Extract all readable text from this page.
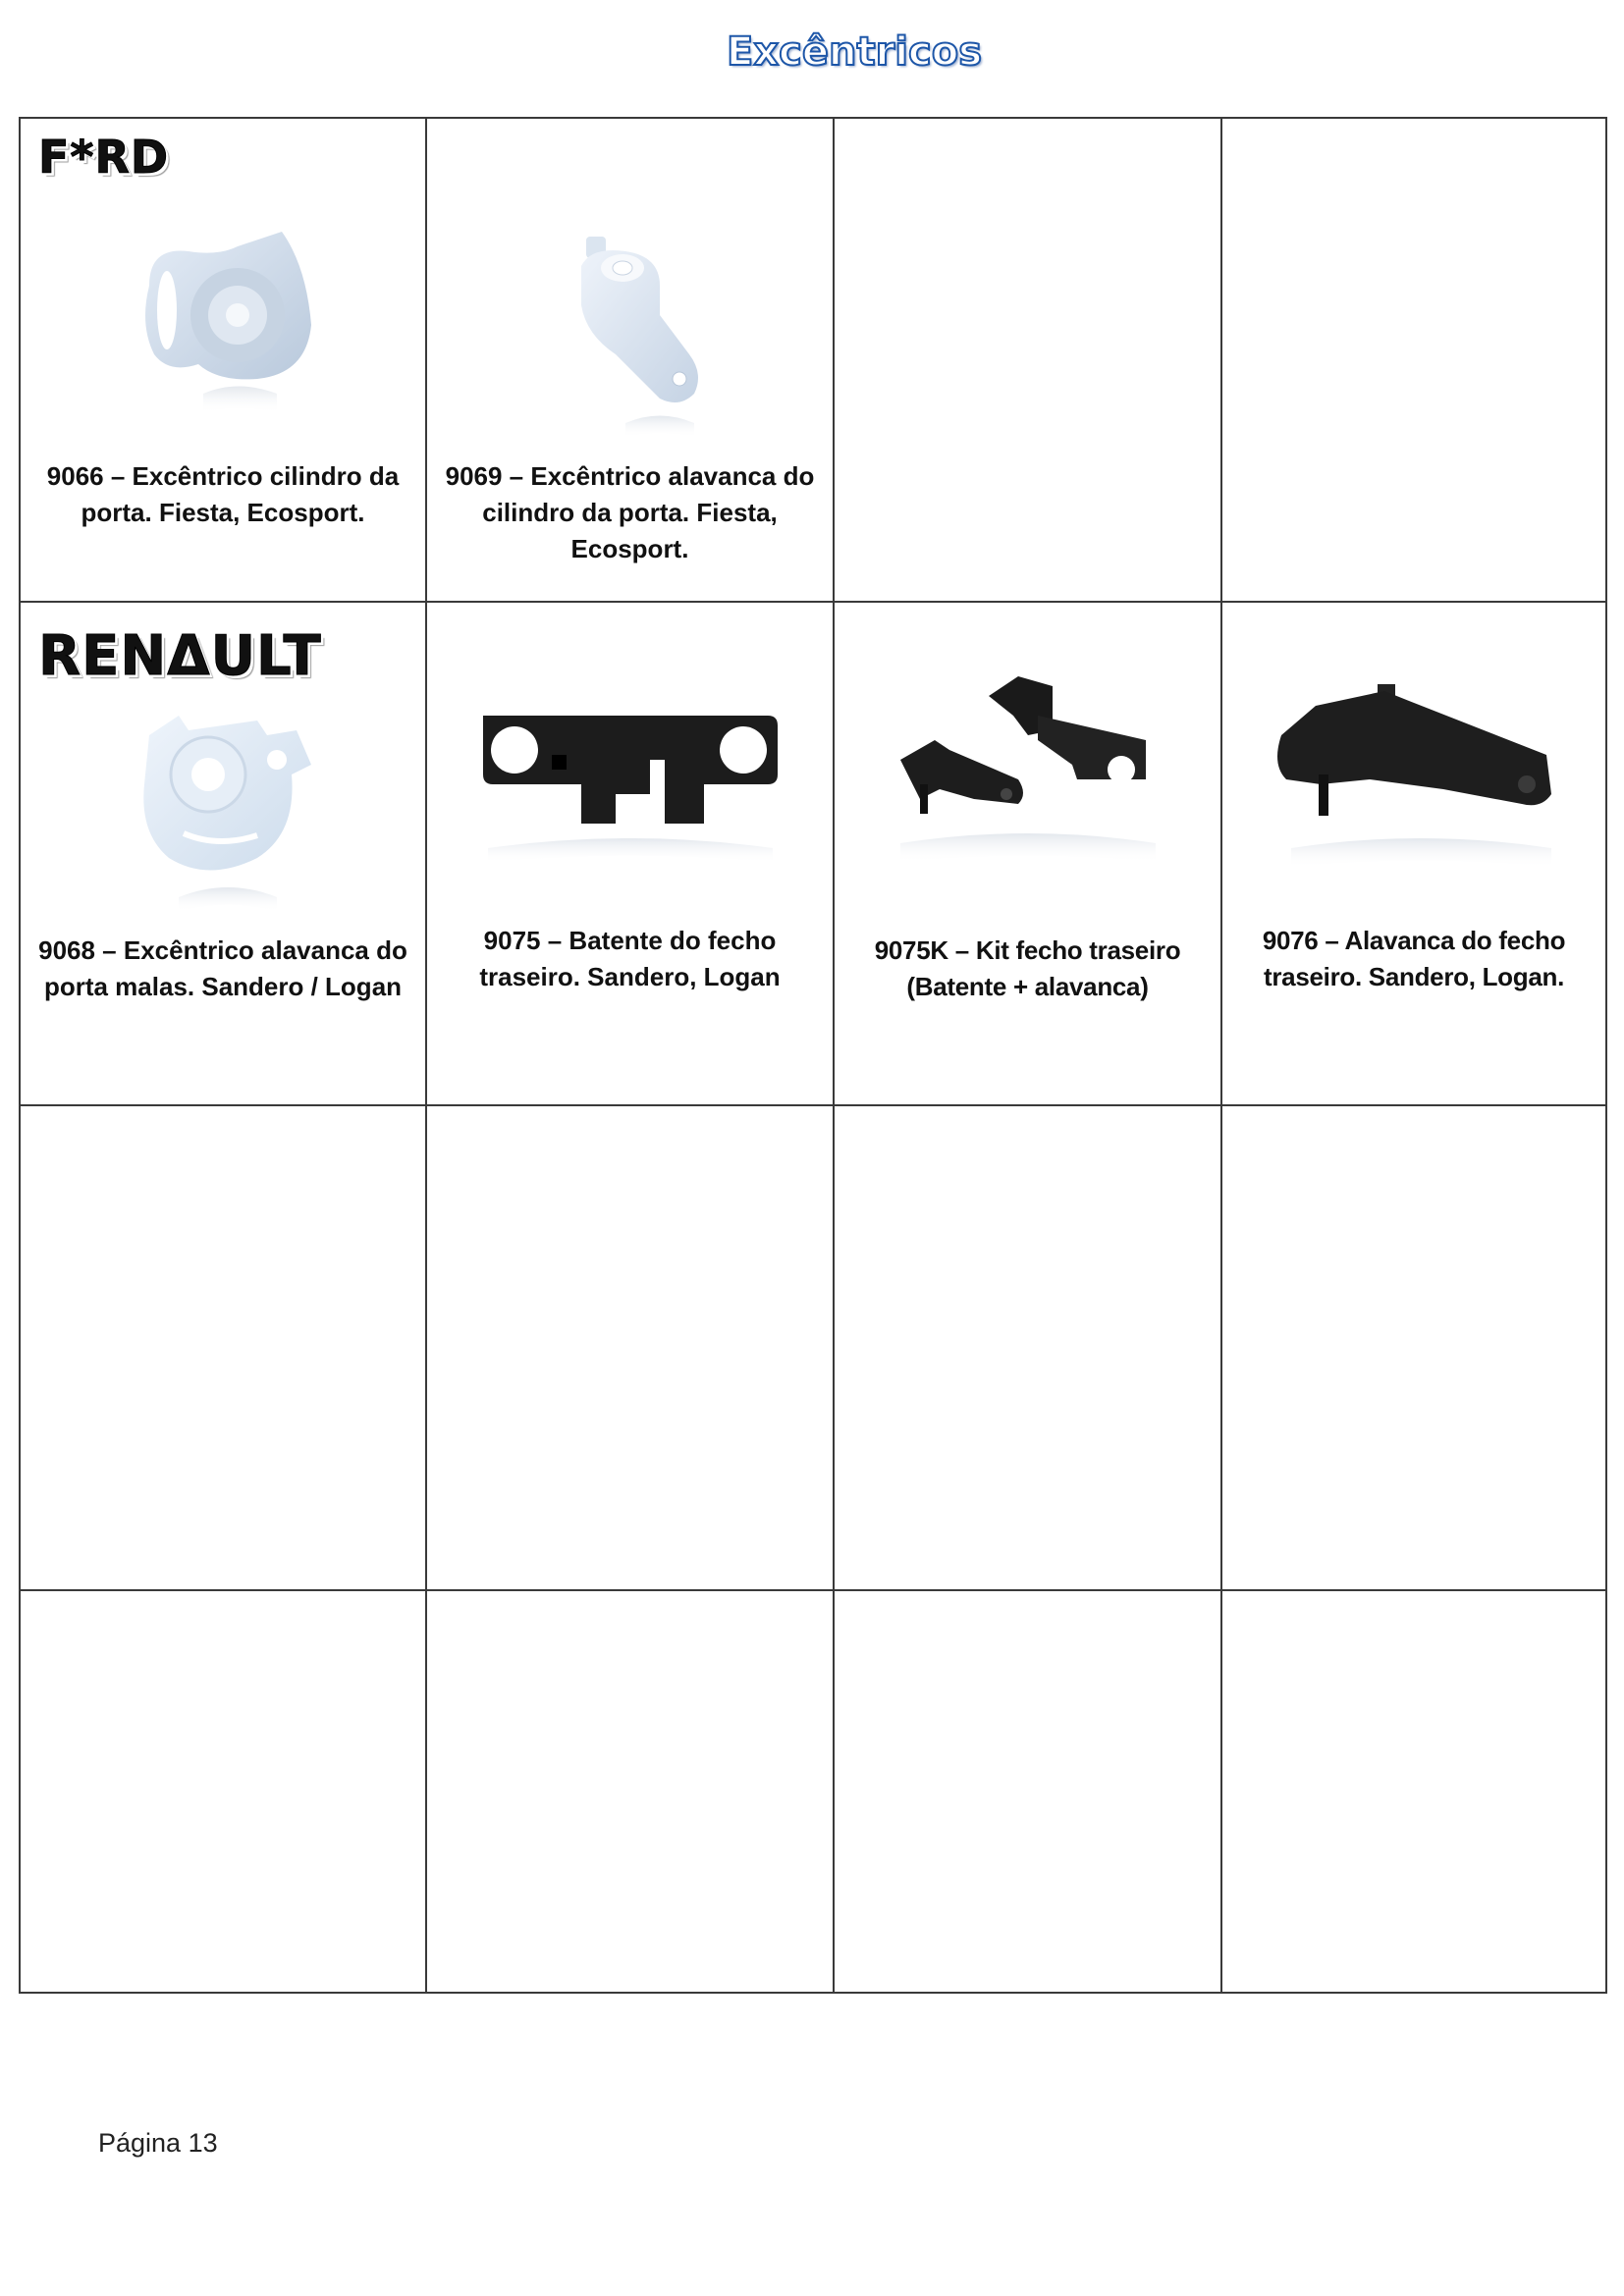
Excêntricos
F*RD
9066 – Excêntrico cilindro da
porta. Fiesta, Ecosport.

9069 – Excêntrico alavanca do
cilindro da porta. Fiesta,
Ecosport.

RENΔULT
9068 – Excêntrico alavanca do
porta malas. Sandero / Logan

9075 – Batente do fecho
traseiro. Sandero, Logan

9075K – Kit fecho traseiro
(Batente + alavanca)

9076 – Alavanca do fecho
traseiro. Sandero, Logan.

Página 13
